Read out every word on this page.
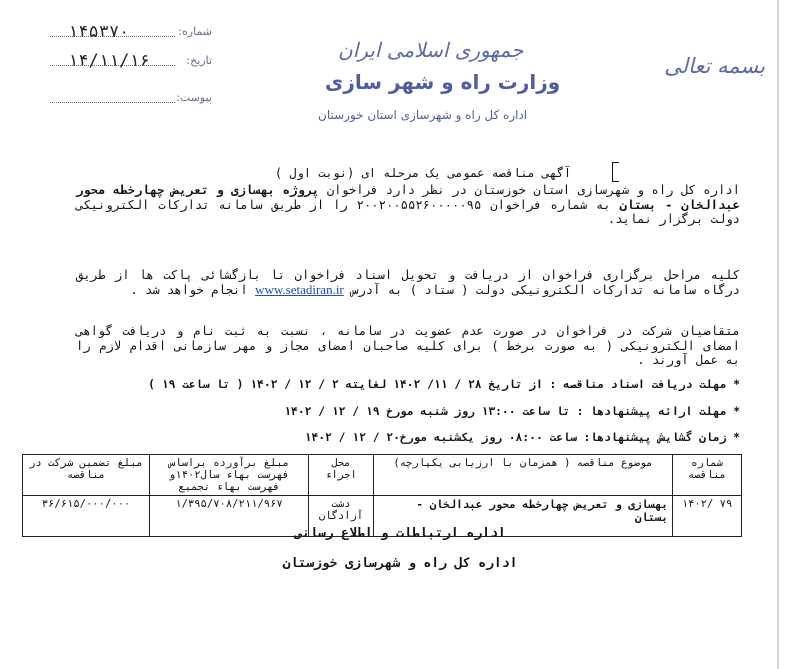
بسمه تعالی
جمهوری اسلامی ایران
وزارت راه و شهر سازی
اداره کل راه و شهرسازی استان خوزستان
۱۴۵۳۷۰	شماره:
۱۴/۱۱/۱۶	تاریخ:
پیوست:
آگهی مناقصه عمومی یک مرحله ای (نوبت اول )
اداره کل راه و شهرسازی استان خوزستان در نظر دارد فراخوان پروژه بهسازی و تعریض چهارخطه محور عبدالخان - بستان به شماره فراخوان ۲۰۰۲۰۰۵۵۲۶۰۰۰۰۰۹۵ را از طریق سامانه تدارکات الکترونیکی دولت برگزار نماید.
کلیه مراحل برگزاری فراخوان از دریافت و تحویل اسناد فراخوان تا بازگشائی پاکت ها از طریق درگاه سامانه تدارکات الکترونیکی دولت ( ستاد ) به آدرس www.setadiran.ir انجام خواهد شد .
متقاضیان شرکت در فراخوان در صورت عدم عضویت در سامانه ، نسبت به ثبت نام و دریافت گواهی امضای الکترونیکی ( به صورت برخط ) برای کلیه صاحبان امضای مجاز و مهر سازمانی اقدام لازم را به عمل آورند .
* مهلت دریافت اسناد مناقصه : از تاریخ ۲۸ / ۱۱/ ۱۴۰۲ لغایته ۲ / ۱۲ / ۱۴۰۲ ( تا ساعت ۱۹ )
* مهلت ارائه پیشنهادها : تا ساعت ۱۳:۰۰ روز شنبه مورخ ۱۹ / ۱۲ / ۱۴۰۲
* زمان گشایش پیشنهادها: ساعت ۰۸:۰۰ روز یکشنبه مورخ۲۰ / ۱۲ / ۱۴۰۲
شماره مناقصه	موضوع مناقصه ( همزمان با ارزیابی یکپارچه)	محل اجراء	مبلغ برآورده براساس فهرست بهاء سال۱۴۰۲و فهرست بهاء تجمیع	مبلغ تضمین شرکت در مناقصه
۷۹ /۱۴۰۲	بهسازی و تعریض چهارخطه محور عبدالخان - بستان	دشت آزادگان	۱/۳۹۵/۷۰۸/۲۱۱/۹۶۷	۳۶/۶۱۵/۰۰۰/۰۰۰
اداره ارتباطات و اطلاع رسانی
اداره کل راه و شهرسازی خوزستان
